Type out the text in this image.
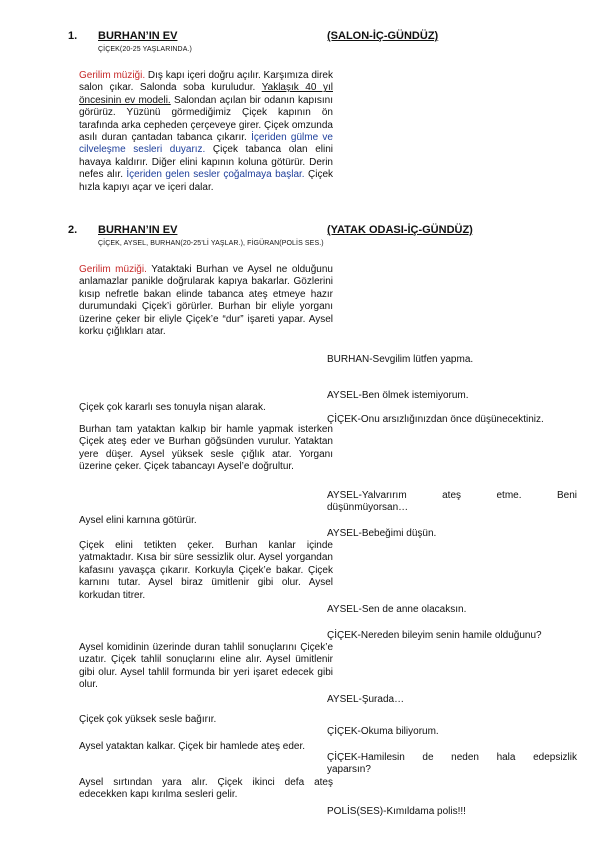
1. BURHAN’IN EV	(SALON-İÇ-GÜNDÜZ)
ÇİÇEK(20-25 YAŞLARINDA.)
Gerilim müziği. Dış kapı içeri doğru açılır. Karşımıza direk salon çıkar. Salonda soba kuruludur. Yaklaşık 40 yıl öncesinin ev modeli. Salondan açılan bir odanın kapısını görürüz. Yüzünü görmediğimiz Çiçek kapının ön tarafında arka cepheden çerçeveye girer. Çiçek omzunda asılı duran çantadan tabanca çıkarır. İçeriden gülme ve cilveleşme sesleri duyarız. Çiçek tabanca olan elini havaya kaldırır. Diğer elini kapının koluna götürür. Derin nefes alır. İçeriden gelen sesler çoğalmaya başlar. Çiçek hızla kapıyı açar ve içeri dalar.
2. BURHAN’IN EV	(YATAK ODASI-İÇ-GÜNDÜZ)
ÇİÇEK, AYSEL, BURHAN(20-25’Lİ YAŞLAR.), FİGÜRAN(POLİS SES.)
Gerilim müziği. Yataktaki Burhan ve Aysel ne olduğunu anlamazlar panikle doğrularak kapıya bakarlar. Gözlerini kısıp nefretle bakan elinde tabanca ateş etmeye hazır durumundaki Çiçek’i görürler. Burhan bir eliyle yorganı üzerine çeker bir eliyle Çiçek’e “dur” işareti yapar. Aysel korku çığlıkları atar.
BURHAN-Sevgilim lütfen yapma.
AYSEL-Ben ölmek istemiyorum.
ÇİÇEK-Onu arsızlığınızdan önce düşünecektiniz.
AYSEL-Yalvarırım	ateş	etme.	Beni
düşünmüyorsan…
AYSEL-Bebeğimi düşün.
AYSEL-Sen de anne olacaksın.
ÇİÇEK-Nereden bileyim senin hamile olduğunu?
AYSEL-Şurada…
ÇİÇEK-Okuma biliyorum.
ÇİÇEK-Hamilesin de neden hala edepsizlik
yaparsın?
POLİS(SES)-Kımıldama polis!!!
Çiçek çok kararlı ses tonuyla nişan alarak.
Burhan tam yataktan kalkıp bir hamle yapmak isterken Çiçek ateş eder ve Burhan göğsünden vurulur. Yataktan yere düşer. Aysel yüksek sesle çığlık atar. Yorganı üzerine çeker. Çiçek tabancayı Aysel’e doğrultur.
Aysel elini karnına götürür.
Çiçek elini tetikten çeker. Burhan kanlar içinde yatmaktadır. Kısa bir süre sessizlik olur. Aysel yorgandan kafasını yavaşça çıkarır. Korkuyla Çiçek’e bakar. Çiçek karnını tutar. Aysel biraz ümitlenir gibi olur. Aysel korkudan titrer.
Aysel komidinin üzerinde duran tahlil sonuçlarını Çiçek’e uzatır. Çiçek tahlil sonuçlarını eline alır. Aysel ümitlenir gibi olur. Aysel tahlil formunda bir yeri işaret edecek gibi olur.
Çiçek çok yüksek sesle bağırır.
Aysel yataktan kalkar. Çiçek bir hamlede ateş eder.
Aysel sırtından yara alır. Çiçek ikinci defa ateş edecekken kapı kırılma sesleri gelir.
